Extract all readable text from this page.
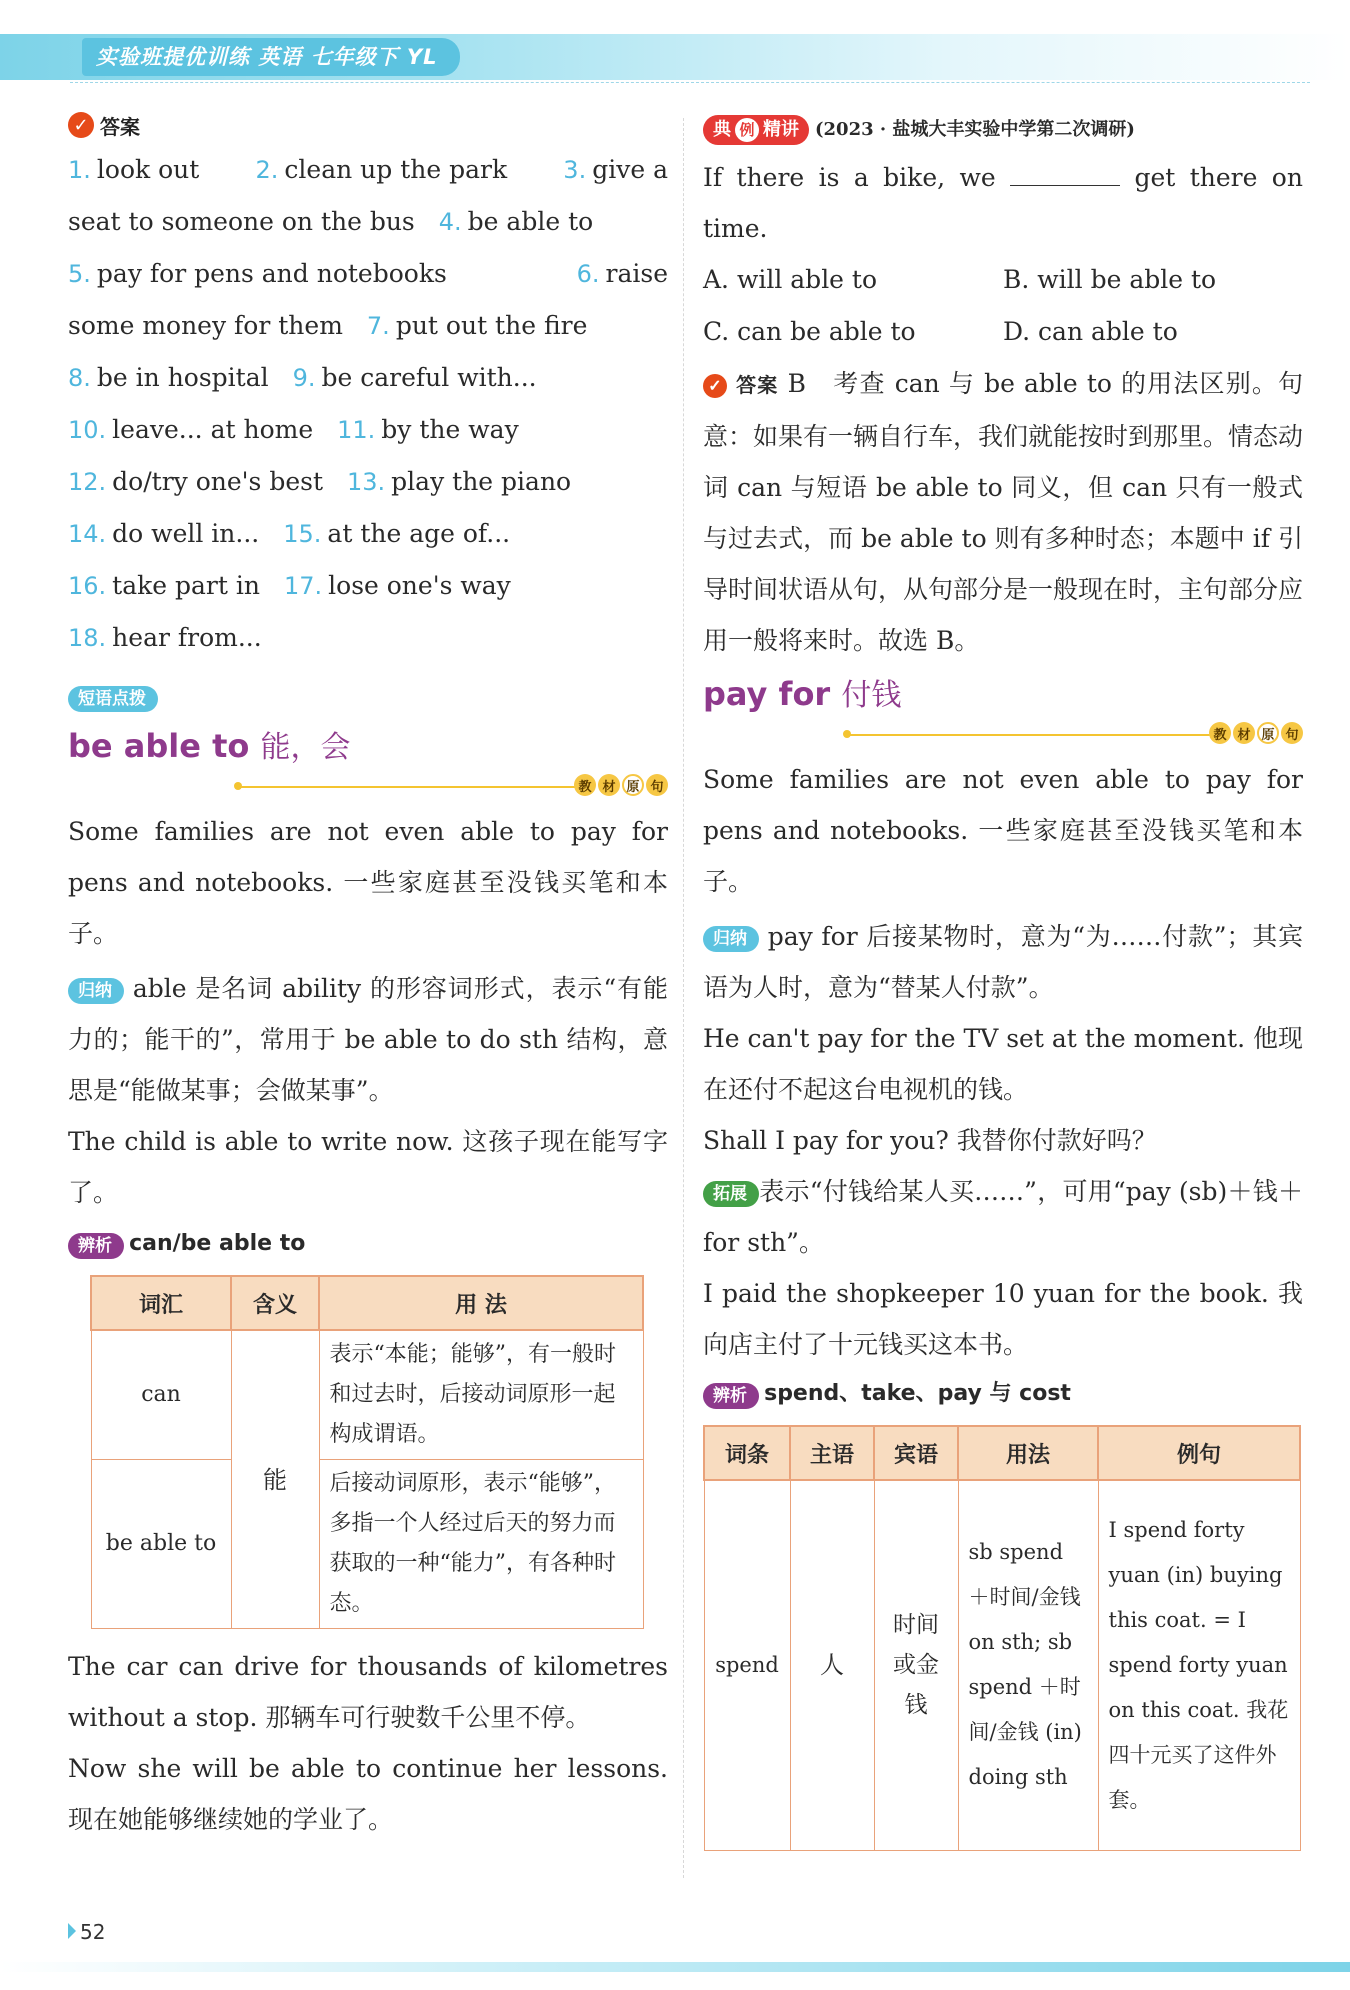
实验班提优训练 英语 七年级下 YL
✓ 答案
1. look out 2. clean up the park 3. give a
seat to someone on the bus 4. be able to
5. pay for pens and notebooks	6. raise
some money for them 7. put out the fire
8. be in hospital 9. be careful with...
10. leave... at home 11. by the way
12. do/try one's best 13. play the piano
14. do well in... 15. at the age of...
16. take part in 17. lose one's way
18. hear from...
短语点拨
be able to 能，会
教 材 原 句

Some families are not even able to pay for pens and notebooks. 一些家庭甚至没钱买笔和本子。

归纳 able 是名词 ability 的形容词形式，表示“有能力的；能干的”，常用于 be able to do sth 结构，意思是“能做某事；会做某事”。

The child is able to write now. 这孩子现在能写字了。

辨析 can/be able to
词汇	含义	用 法
can	能	表示“本能；能够”，有一般时和过去时，后接动词原形一起构成谓语。
be able to		后接动词原形，表示“能够”，多指一个人经过后天的努力而获取的一种“能力”，有各种时态。

The car can drive for thousands of kilometres without a stop. 那辆车可行驶数千公里不停。

Now she will be able to continue her lessons. 现在她能够继续她的学业了。

典 例 精讲 (2023 · 盐城大丰实验中学第二次调研)

If there is a bike, we	get there on time.

A. will able to	B. will be able to
C. can be able to	D. can able to

✓ 答案 B　考查 can 与 be able to 的用法区别。句意：如果有一辆自行车，我们就能按时到那里。情态动词 can 与短语 be able to 同义，但 can 只有一般式与过去式，而 be able to 则有多种时态；本题中 if 引导时间状语从句，从句部分是一般现在时，主句部分应用一般将来时。故选 B。

pay for 付钱
教 材 原 句

Some families are not even able to pay for pens and notebooks. 一些家庭甚至没钱买笔和本子。

归纳 pay for 后接某物时，意为“为……付款”；其宾语为人时，意为“替某人付款”。

He can't pay for the TV set at the moment. 他现在还付不起这台电视机的钱。

Shall I pay for you? 我替你付款好吗？

拓展 表示“付钱给某人买……”，可用“pay (sb)＋钱＋for sth”。

I paid the shopkeeper 10 yuan for the book. 我向店主付了十元钱买这本书。

辨析 spend、take、pay 与 cost
词条	主语	宾语	用法	例句
spend	人	时间或金钱	sb spend ＋时间/金钱 on sth; sb spend ＋时间/金钱 (in) doing sth	I spend forty yuan (in) buying this coat. = I spend forty yuan on this coat. 我花四十元买了这件外套。
52
